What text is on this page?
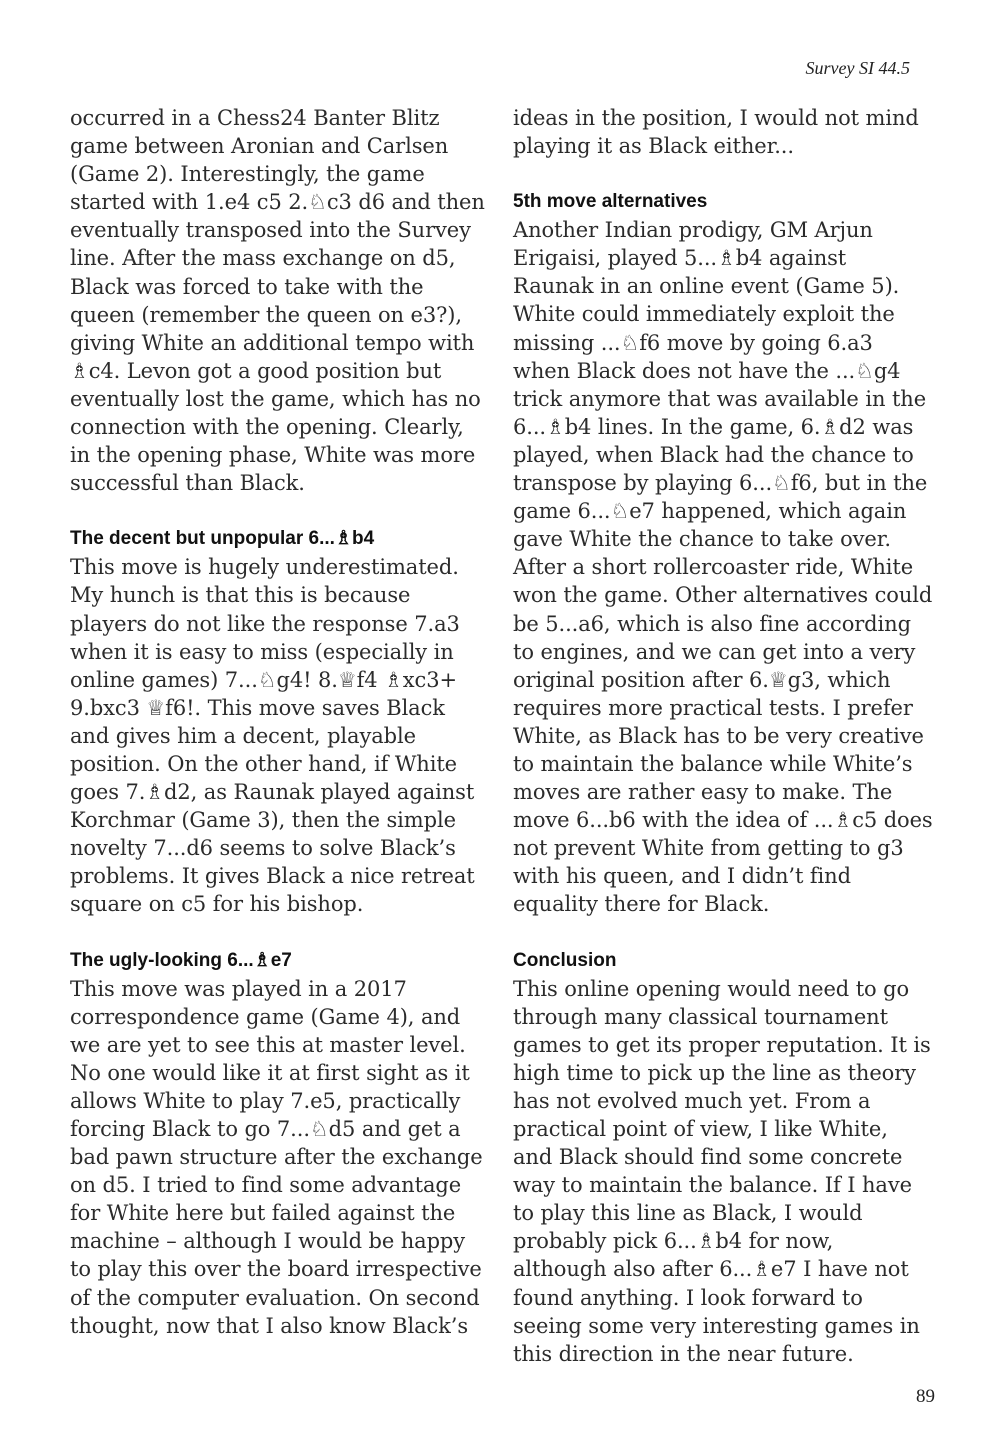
Survey SI 44.5

occurred in a Chess24 Banter Blitz game between Aronian and Carlsen (Game 2). Interestingly, the game started with 1.e4 c5 2.♘c3 d6 and then eventually transposed into the Survey line. After the mass exchange on d5, Black was forced to take with the queen (remember the queen on e3?), giving White an additional tempo with ♗c4. Levon got a good position but eventually lost the game, which has no connection with the opening. Clearly, in the opening phase, White was more successful than Black.

The decent but unpopular 6...♗b4

This move is hugely underestimated. My hunch is that this is because players do not like the response 7.a3 when it is easy to miss (especially in online games) 7...♘g4! 8.♕f4 ♗xc3+ 9.bxc3 ♕f6!. This move saves Black and gives him a decent, playable position. On the other hand, if White goes 7.♗d2, as Raunak played against Korchmar (Game 3), then the simple novelty 7...d6 seems to solve Black’s problems. It gives Black a nice retreat square on c5 for his bishop.

The ugly-looking 6...♗e7

This move was played in a 2017 correspondence game (Game 4), and we are yet to see this at master level. No one would like it at first sight as it allows White to play 7.e5, practically forcing Black to go 7...♘d5 and get a bad pawn structure after the exchange on d5. I tried to find some advantage for White here but failed against the machine – although I would be happy to play this over the board irrespective of the computer evaluation. On second thought, now that I also know Black’s

ideas in the position, I would not mind playing it as Black either...

5th move alternatives

Another Indian prodigy, GM Arjun Erigaisi, played 5...♗b4 against Raunak in an online event (Game 5). White could immediately exploit the missing ...♘f6 move by going 6.a3 when Black does not have the ...♘g4 trick anymore that was available in the 6...♗b4 lines. In the game, 6.♗d2 was played, when Black had the chance to transpose by playing 6...♘f6, but in the game 6...♘e7 happened, which again gave White the chance to take over. After a short rollercoaster ride, White won the game. Other alternatives could be 5...a6, which is also fine according to engines, and we can get into a very original position after 6.♕g3, which requires more practical tests. I prefer White, as Black has to be very creative to maintain the balance while White’s moves are rather easy to make. The move 6...b6 with the idea of ...♗c5 does not prevent White from getting to g3 with his queen, and I didn’t find equality there for Black.

Conclusion

This online opening would need to go through many classical tournament games to get its proper reputation. It is high time to pick up the line as theory has not evolved much yet. From a practical point of view, I like White, and Black should find some concrete way to maintain the balance. If I have to play this line as Black, I would probably pick 6...♗b4 for now, although also after 6...♗e7 I have not found anything. I look forward to seeing some very interesting games in this direction in the near future.

89
